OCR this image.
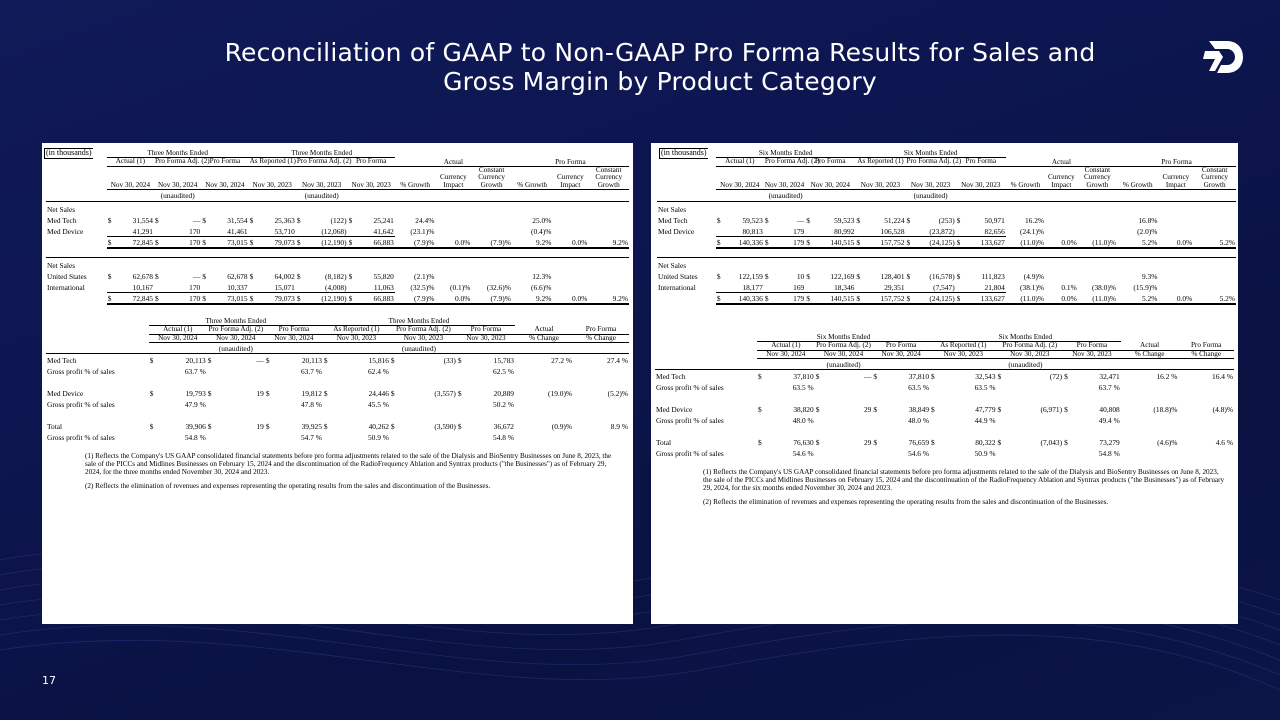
Reconciliation of GAAP to Non-GAAP Pro Forma Results for Sales and
Gross Margin by Product Category
17
(in thousands)
		Three Months Ended						Three Months Ended											
	Actual (1)		Pro Forma Adj. (2)		Pro Forma		As Reported (1)		Pro Forma Adj. (2)		Pro Forma		Actual			Pro Forma		
	Nov 30, 2024		Nov 30, 2024		Nov 30, 2024		Nov 30, 2023		Nov 30, 2023		Nov 30, 2023		% Growth	Currency Impact	Constant Currency Growth	% Growth	Currency Impact	Constant Currency Growth
	(unaudited)						(unaudited)											
Net Sales																		
Med Tech	$	31,554	$	—	$	31,554	$	25,363	$	(122)	$	25,241	24.4%			25.0%		
Med Device		41,291		170		41,461		53,710		(12,068)		41,642	(23.1)%			(0.4)%		
	$	72,845	$	170	$	73,015	$	79,073	$	(12,190)	$	66,883	(7.9)%	0.0%	(7.9)%	9.2%	0.0%	9.2%

Net Sales																		
United States	$	62,678	$	—	$	62,678	$	64,002	$	(8,182)	$	55,820	(2.1)%			12.3%		
International		10,167		170		10,337		15,071		(4,008)		11,063	(32.5)%	(0.1)%	(32.6)%	(6.6)%		
	$	72,845	$	170	$	73,015	$	79,073	$	(12,190)	$	66,883	(7.9)%	0.0%	(7.9)%	9.2%	0.0%	9.2%
	Three Months Ended						Three Months Ended							
	Actual (1)		Pro Forma Adj. (2)		Pro Forma		As Reported (1)		Pro Forma Adj. (2)		Pro Forma		Actual	Pro Forma
	Nov 30, 2024		Nov 30, 2024		Nov 30, 2024		Nov 30, 2023		Nov 30, 2023		Nov 30, 2023		% Change	% Change
	(unaudited)						(unaudited)							
Med Tech	$	20,113	$	—	$	20,113	$	15,816	$	(33)	$	15,783	27.2 %	27.4 %
Gross profit % of sales		63.7 %				63.7 %		62.4 %				62.5 %		

Med Device	$	19,793	$	19	$	19,812	$	24,446	$	(3,557)	$	20,889	(19.0)%	(5.2)%
Gross profit % of sales		47.9 %				47.8 %		45.5 %				50.2 %		

Total	$	39,906	$	19	$	39,925	$	40,262	$	(3,590)	$	36,672	(0.9)%	8.9 %
Gross profit % of sales		54.8 %				54.7 %		50.9 %				54.8 %		

(1) Reflects the Company's US GAAP consolidated financial statements before pro forma adjustments related to the sale of the Dialysis and BioSentry Businesses on June 8, 2023, the sale of the PICCs and Midlines Businesses on February 15, 2024 and the discontinuation of the RadioFrequency Ablation and Syntrax products ("the Businesses") as of February 29, 2024, for the three months ended November 30, 2024 and 2023.

(2) Reflects the elimination of revenues and expenses representing the operating results from the sales and discontinuation of the Businesses.

(in thousands)
		Six Months Ended						Six Months Ended											
	Actual (1)		Pro Forma Adj. (2)		Pro Forma		As Reported (1)		Pro Forma Adj. (2)		Pro Forma		Actual			Pro Forma		
	Nov 30, 2024		Nov 30, 2024		Nov 30, 2024		Nov 30, 2023		Nov 30, 2023		Nov 30, 2023		% Growth	Currency Impact	Constant Currency Growth	% Growth	Currency Impact	Constant Currency Growth
	(unaudited)						(unaudited)											
Net Sales																		
Med Tech	$	59,523	$	—	$	59,523	$	51,224	$	(253)	$	50,971	16.2%			16.8%		
Med Device		80,813		179		80,992		106,528		(23,872)		82,656	(24.1)%			(2.0)%		
	$	140,336	$	179	$	140,515	$	157,752	$	(24,125)	$	133,627	(11.0)%	0.0%	(11.0)%	5.2%	0.0%	5.2%

Net Sales																		
United States	$	122,159	$	10	$	122,169	$	128,401	$	(16,578)	$	111,823	(4.9)%			9.3%		
International		18,177		169		18,346		29,351		(7,547)		21,804	(38.1)%	0.1%	(38.0)%	(15.9)%		
	$	140,336	$	179	$	140,515	$	157,752	$	(24,125)	$	133,627	(11.0)%	0.0%	(11.0)%	5.2%	0.0%	5.2%
	Six Months Ended						Six Months Ended							
	Actual (1)		Pro Forma Adj. (2)		Pro Forma		As Reported (1)		Pro Forma Adj. (2)		Pro Forma		Actual	Pro Forma
	Nov 30, 2024		Nov 30, 2024		Nov 30, 2024		Nov 30, 2023		Nov 30, 2023		Nov 30, 2023		% Change	% Change
	(unaudited)						(unaudited)							
Med Tech	$	37,810	$	—	$	37,810	$	32,543	$	(72)	$	32,471	16.2 %	16.4 %
Gross profit % of sales		63.5 %				63.5 %		63.5 %				63.7 %		

Med Device	$	38,820	$	29	$	38,849	$	47,779	$	(6,971)	$	40,808	(18.8)%	(4.8)%
Gross profit % of sales		48.0 %				48.0 %		44.9 %				49.4 %		

Total	$	76,630	$	29	$	76,659	$	80,322	$	(7,043)	$	73,279	(4.6)%	4.6 %
Gross profit % of sales		54.6 %				54.6 %		50.9 %				54.8 %		

(1) Reflects the Company's US GAAP consolidated financial statements before pro forma adjustments related to the sale of the Dialysis and BioSentry Businesses on June 8, 2023, the sale of the PICCs and Midlines Businesses on February 15, 2024 and the discontinuation of the RadioFrequency Ablation and Syntrax products ("the Businesses") as of February 29, 2024, for the six months ended November 30, 2024 and 2023.

(2) Reflects the elimination of revenues and expenses representing the operating results from the sales and discontinuation of the Businesses.
